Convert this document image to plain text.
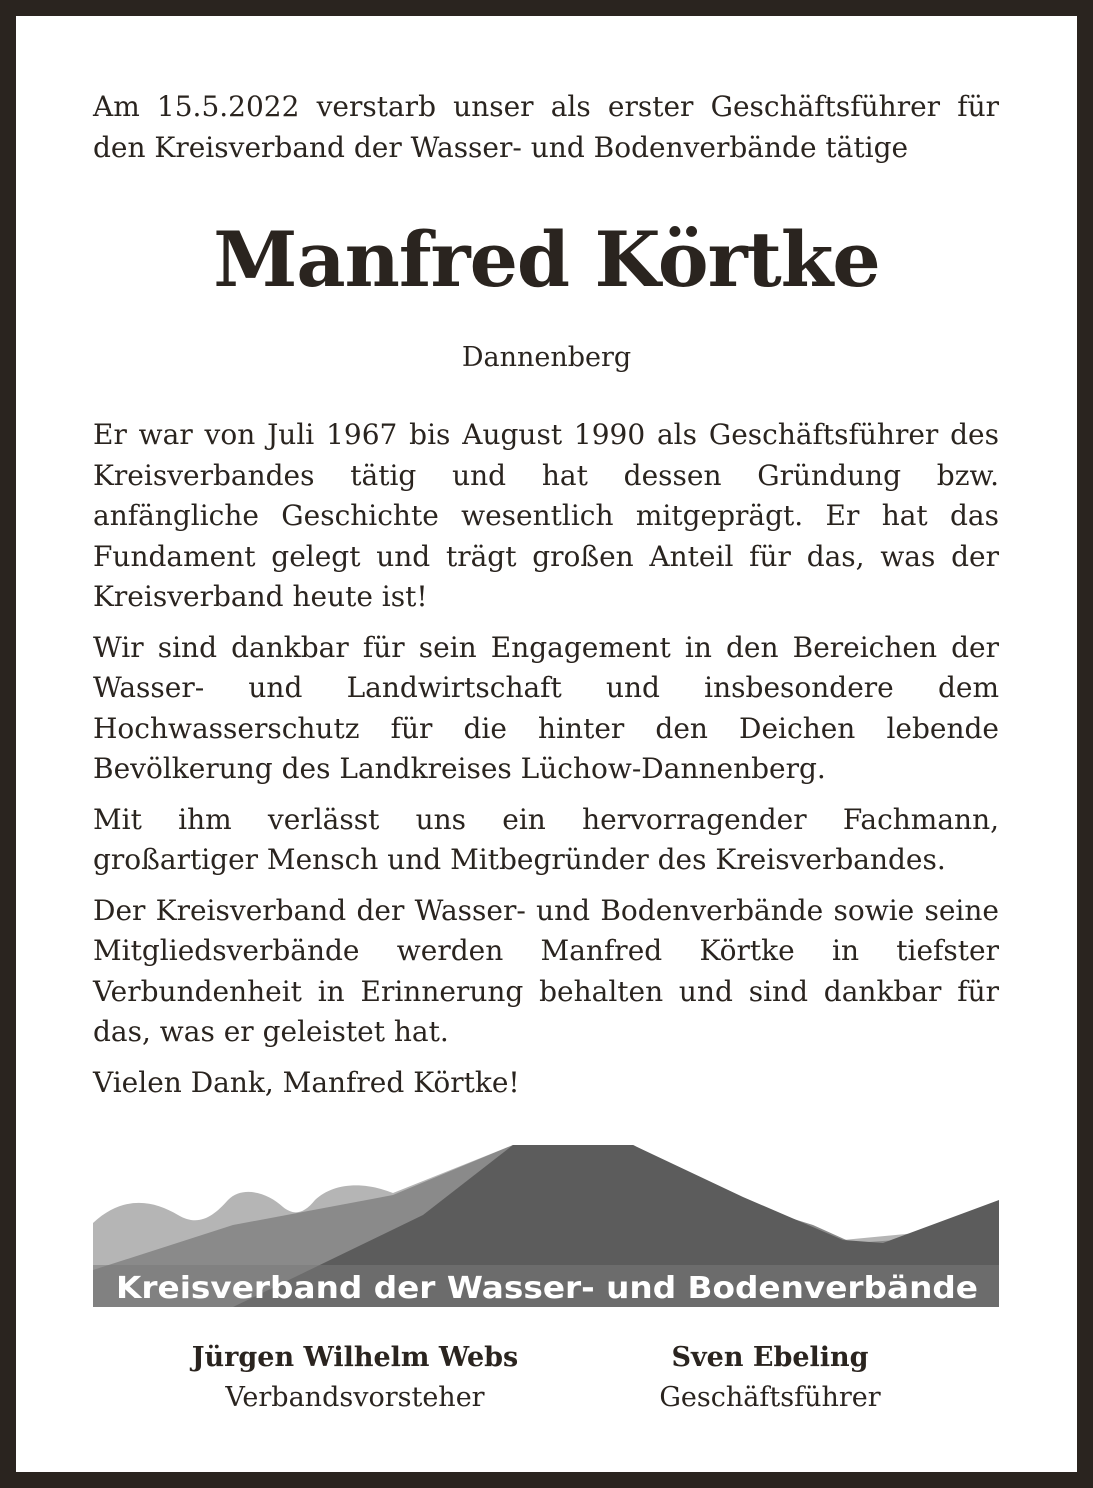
Am 15.5.2022 verstarb unser als erster Geschäftsführer für den Kreisverband der Wasser- und Bodenverbände tätige
Manfred Körtke
Dannenberg

Er war von Juli 1967 bis August 1990 als Geschäftsführer des Kreisverbandes tätig und hat dessen Gründung bzw. anfängliche Geschichte wesentlich mitgeprägt. Er hat das Fundament gelegt und trägt großen Anteil für das, was der Kreisverband heute ist!

Wir sind dankbar für sein Engagement in den Bereichen der Wasser- und Landwirtschaft und insbesondere dem Hochwasserschutz für die hinter den Deichen lebende Bevölkerung des Landkreises Lüchow-Dannenberg.

Mit ihm verlässt uns ein hervorragender Fachmann, großartiger Mensch und Mitbegründer des Kreisverbandes.

Der Kreisverband der Wasser- und Bodenverbände sowie seine Mitgliedsverbände werden Manfred Körtke in tiefster Verbundenheit in Erinnerung behalten und sind dankbar für das, was er geleistet hat.

Vielen Dank, Manfred Körtke!

Kreisverband der Wasser- und Bodenverbände
Jürgen Wilhelm Webs
Verbandsvorsteher
Sven Ebeling
Geschäftsführer
